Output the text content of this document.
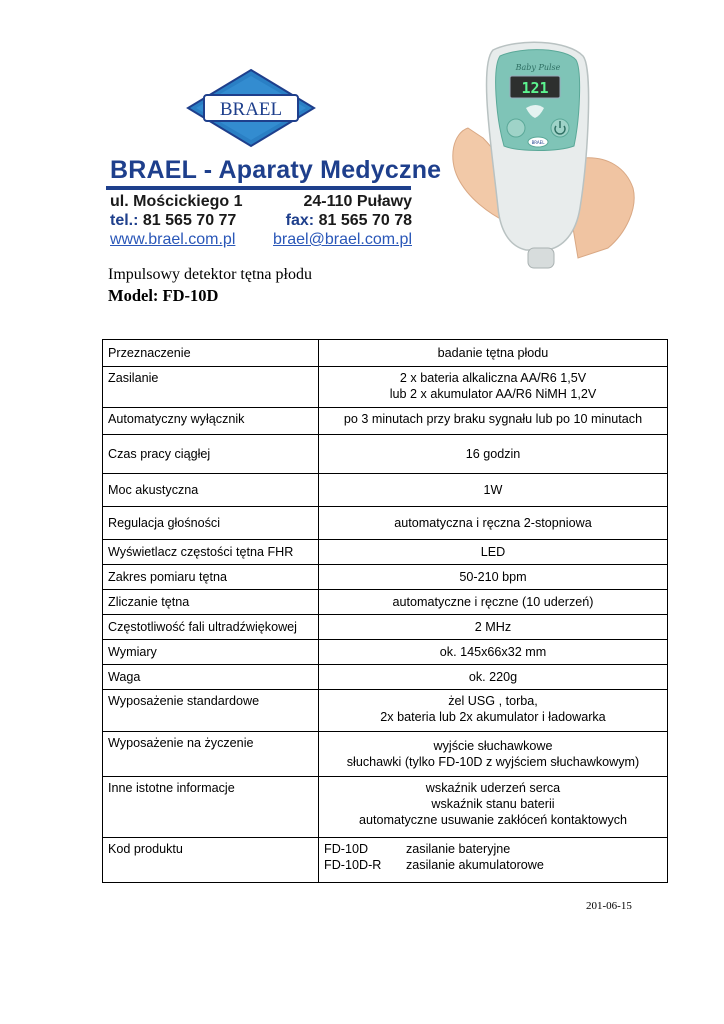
BRAEL
BRAEL - Aparaty Medyczne
ul. Mościckiego 1	24-110 Puławy
tel.: 81 565 70 77	fax: 81 565 70 78
www.brael.com.pl brael@brael.com.pl
Baby Pulse
121
BRAEL
Impulsowy detektor tętna płodu
Model: FD-10D
Przeznaczenie	badanie tętna płodu

Zasilanie	2 x bateria alkaliczna AA/R6 1,5V
lub 2 x akumulator AA/R6 NiMH 1,2V

Automatyczny wyłącznik	po 3 minutach przy braku sygnału lub po 10 minutach

Czas pracy ciągłej	16 godzin

Moc akustyczna	1W

Regulacja głośności	automatyczna i ręczna 2-stopniowa

Wyświetlacz częstości tętna FHR	LED

Zakres pomiaru tętna	50-210 bpm

Zliczanie tętna	automatyczne i ręczne (10 uderzeń)

Częstotliwość fali ultradźwiękowej	2 MHz

Wymiary	ok. 145x66x32 mm

Waga	ok. 220g

Wyposażenie standardowe	żel USG , torba,
2x bateria lub 2x akumulator i ładowarka

Wyposażenie na życzenie	wyjście słuchawkowe
słuchawki (tylko FD-10D z wyjściem słuchawkowym)

Inne istotne informacje	wskaźnik uderzeń serca
wskaźnik stanu baterii
automatyczne usuwanie zakłóceń kontaktowych

Kod produktu	FD-10D zasilanie bateryjne
FD-10D-R zasilanie akumulatorowe
201-06-15
